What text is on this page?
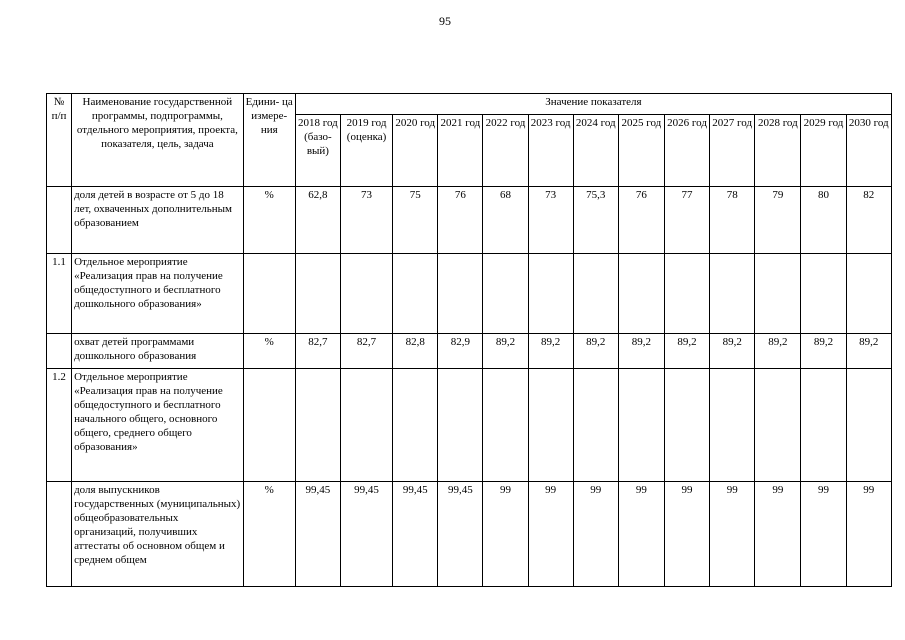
95
№ п/п	Наименование государственной программы, подпрограммы, отдельного мероприятия, проекта, показателя, цель, задача	Едини- ца измере- ния	Значение показателя												
			2018 год (базо- вый)	2019 год (оценка)	2020 год	2021 год	2022 год	2023 год	2024 год	2025 год	2026 год	2027 год	2028 год	2029 год	2030 год
	доля детей в возрасте от 5 до 18 лет, охваченных дополнительным образованием	%	62,8	73	75	76	68	73	75,3	76	77	78	79	80	82
1.1	Отдельное мероприятие «Реализация прав на получение общедоступного и бесплатного дошкольного образования»														
	охват детей программами дошкольного образования	%	82,7	82,7	82,8	82,9	89,2	89,2	89,2	89,2	89,2	89,2	89,2	89,2	89,2
1.2	Отдельное мероприятие «Реализация прав на получение общедоступного и бесплатного начального общего, основного общего, среднего общего образования»														
	доля выпускников государственных (муниципальных) общеобразовательных организаций, получивших аттестаты об основном общем и среднем общем	%	99,45	99,45	99,45	99,45	99	99	99	99	99	99	99	99	99
